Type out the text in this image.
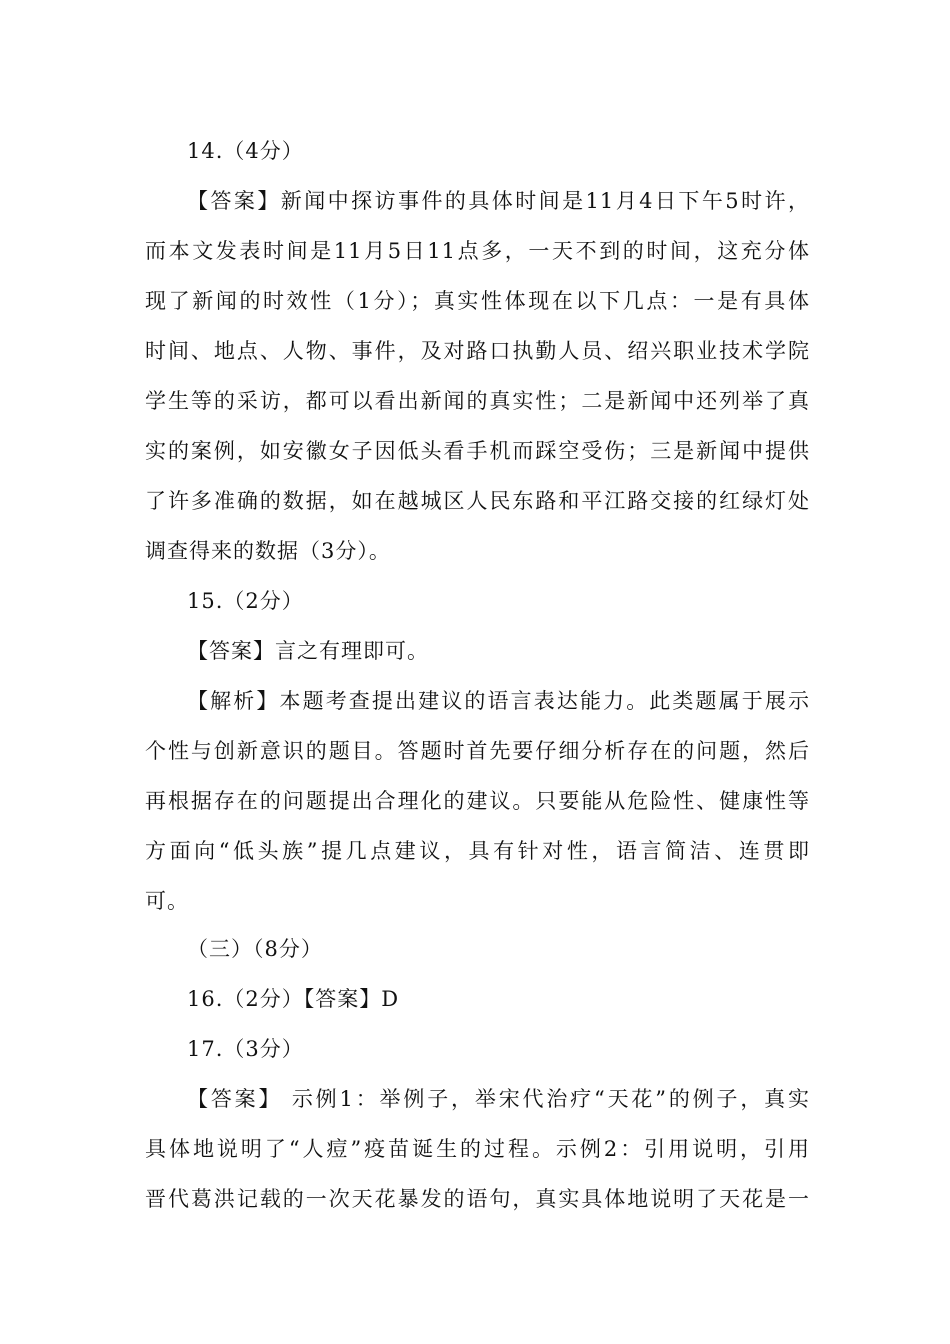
14.（4分）
【答案】新闻中探访事件的具体时间是11月4日下午5时许，
而本文发表时间是11月5日11点多，一天不到的时间，这充分体
现了新闻的时效性（1分）；真实性体现在以下几点：一是有具体
时间、地点、人物、事件，及对路口执勤人员、绍兴职业技术学院
学生等的采访，都可以看出新闻的真实性；二是新闻中还列举了真
实的案例，如安徽女子因低头看手机而踩空受伤；三是新闻中提供
了许多准确的数据，如在越城区人民东路和平江路交接的红绿灯处
调查得来的数据（3分）。
15.（2分）
【答案】言之有理即可。
【解析】本题考查提出建议的语言表达能力。此类题属于展示
个性与创新意识的题目。答题时首先要仔细分析存在的问题，然后
再根据存在的问题提出合理化的建议。只要能从危险性、健康性等
方面向“低头族”提几点建议，具有针对性，语言简洁、连贯即
可。
（三）（8分）
16.（2分）【答案】D
17.（3分）
【答案】 示例1：举例子，举宋代治疗“天花”的例子，真实
具体地说明了“人痘”疫苗诞生的过程。示例2：引用说明，引用
晋代葛洪记载的一次天花暴发的语句，真实具体地说明了天花是一
